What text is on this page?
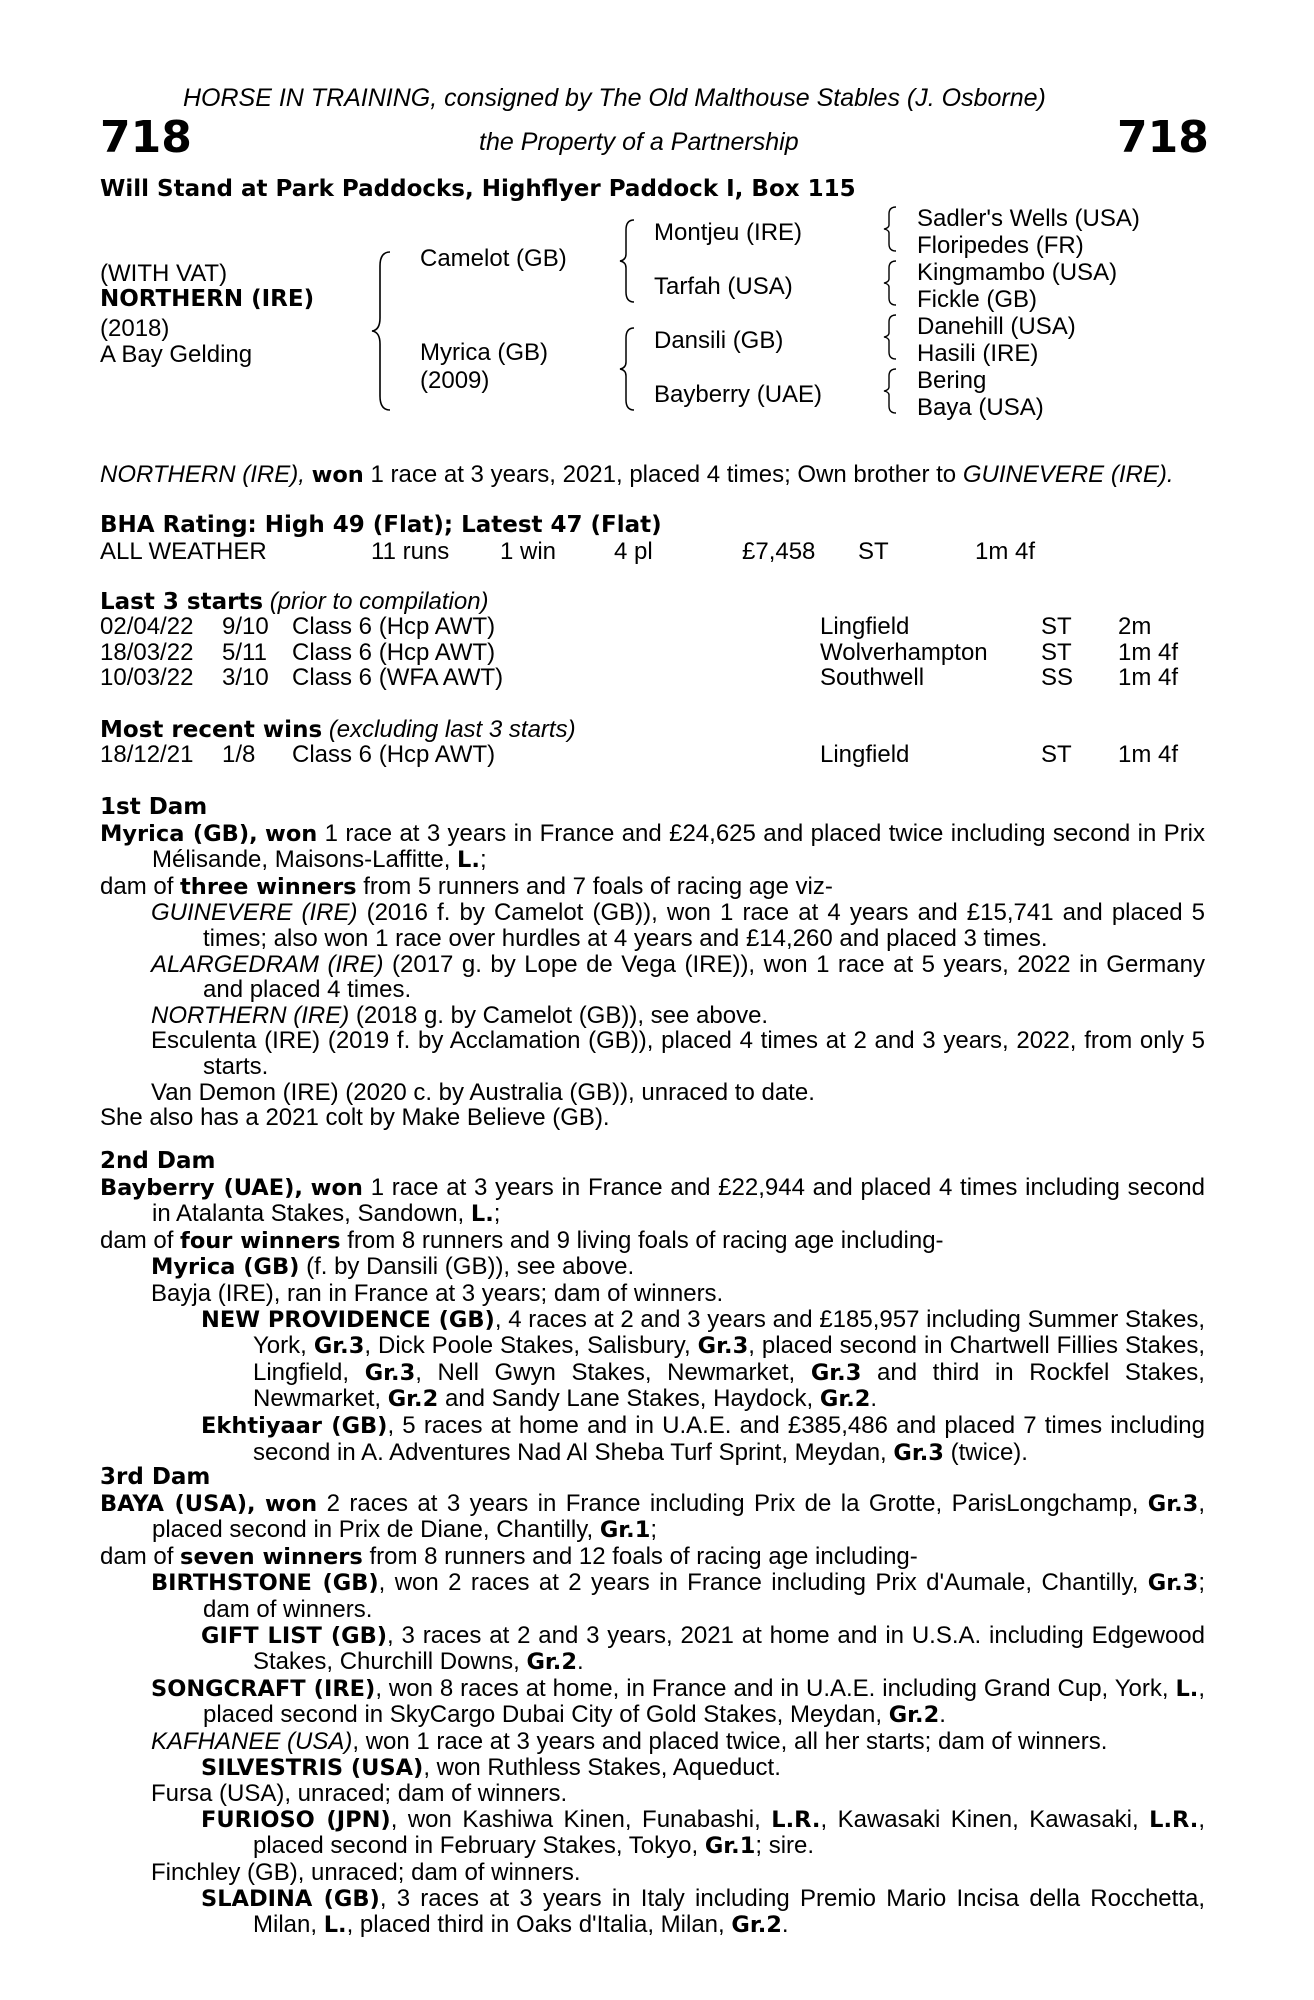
HORSE IN TRAINING, consigned by The Old Malthouse Stables (J. Osborne)
718	the Property of a Partnership	718
Will Stand at Park Paddocks, Highflyer Paddock I, Box 115
(WITH VAT)
NORTHERN (IRE)
(2018)
A Bay Gelding
Camelot (GB)
Myrica (GB)
(2009)
Montjeu (IRE)
Tarfah (USA)
Dansili (GB)
Bayberry (UAE)
Sadler's Wells (USA)
Floripedes (FR)
Kingmambo (USA)
Fickle (GB)
Danehill (USA)
Hasili (IRE)
Bering
Baya (USA)
NORTHERN (IRE), won 1 race at 3 years, 2021, placed 4 times; Own brother to GUINEVERE (IRE).
BHA Rating: High 49 (Flat); Latest 47 (Flat)
ALL WEATHER	11 runs 1 win 4 pl	£7,458 ST	1m 4f
Last 3 starts (prior to compilation)
02/04/22 9/10 Class 6 (Hcp AWT)	Lingfield	ST 2m
18/03/22 5/11 Class 6 (Hcp AWT)	Wolverhampton ST 1m 4f
10/03/22 3/10 Class 6 (WFA AWT)	Southwell	SS 1m 4f
Most recent wins (excluding last 3 starts)
18/12/21 1/8 Class 6 (Hcp AWT)	Lingfield	ST 1m 4f

1st Dam

Myrica (GB), won 1 race at 3 years in France and £24,625 and placed twice including second in Prix Mélisande, Maisons-Laffitte, L.;

dam of three winners from 5 runners and 7 foals of racing age viz-

GUINEVERE (IRE) (2016 f. by Camelot (GB)), won 1 race at 4 years and £15,741 and placed 5 times; also won 1 race over hurdles at 4 years and £14,260 and placed 3 times.

ALARGEDRAM (IRE) (2017 g. by Lope de Vega (IRE)), won 1 race at 5 years, 2022 in Germany and placed 4 times.

NORTHERN (IRE) (2018 g. by Camelot (GB)), see above.

Esculenta (IRE) (2019 f. by Acclamation (GB)), placed 4 times at 2 and 3 years, 2022, from only 5 starts.

Van Demon (IRE) (2020 c. by Australia (GB)), unraced to date.

She also has a 2021 colt by Make Believe (GB).

2nd Dam

Bayberry (UAE), won 1 race at 3 years in France and £22,944 and placed 4 times including second in Atalanta Stakes, Sandown, L.;

dam of four winners from 8 runners and 9 living foals of racing age including-

Myrica (GB) (f. by Dansili (GB)), see above.

Bayja (IRE), ran in France at 3 years; dam of winners.

NEW PROVIDENCE (GB), 4 races at 2 and 3 years and £185,957 including Summer Stakes, York, Gr.3, Dick Poole Stakes, Salisbury, Gr.3, placed second in Chartwell Fillies Stakes, Lingfield, Gr.3, Nell Gwyn Stakes, Newmarket, Gr.3 and third in Rockfel Stakes, Newmarket, Gr.2 and Sandy Lane Stakes, Haydock, Gr.2.

Ekhtiyaar (GB), 5 races at home and in U.A.E. and £385,486 and placed 7 times including second in A. Adventures Nad Al Sheba Turf Sprint, Meydan, Gr.3 (twice).

3rd Dam

BAYA (USA), won 2 races at 3 years in France including Prix de la Grotte, ParisLongchamp, Gr.3, placed second in Prix de Diane, Chantilly, Gr.1;

dam of seven winners from 8 runners and 12 foals of racing age including-

BIRTHSTONE (GB), won 2 races at 2 years in France including Prix d'Aumale, Chantilly, Gr.3; dam of winners.

GIFT LIST (GB), 3 races at 2 and 3 years, 2021 at home and in U.S.A. including Edgewood Stakes, Churchill Downs, Gr.2.

SONGCRAFT (IRE), won 8 races at home, in France and in U.A.E. including Grand Cup, York, L., placed second in SkyCargo Dubai City of Gold Stakes, Meydan, Gr.2.

KAFHANEE (USA), won 1 race at 3 years and placed twice, all her starts; dam of winners.

SILVESTRIS (USA), won Ruthless Stakes, Aqueduct.

Fursa (USA), unraced; dam of winners.

FURIOSO (JPN), won Kashiwa Kinen, Funabashi, L.R., Kawasaki Kinen, Kawasaki, L.R., placed second in February Stakes, Tokyo, Gr.1; sire.

Finchley (GB), unraced; dam of winners.

SLADINA (GB), 3 races at 3 years in Italy including Premio Mario Incisa della Rocchetta, Milan, L., placed third in Oaks d'Italia, Milan, Gr.2.
